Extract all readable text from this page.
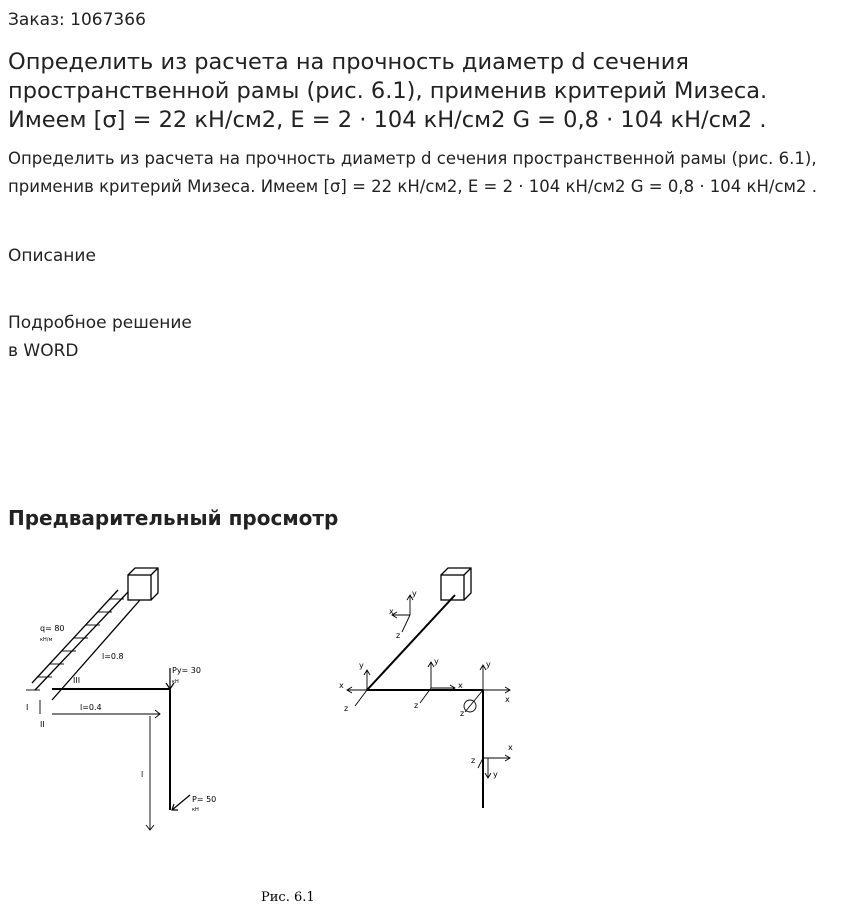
Заказ: 1067366
Определить из расчета на прочность диаметр d сечения пространственной рамы (рис. 6.1), применив критерий Мизеса. Имеем [σ] = 22 кН/см2, E = 2 · 104 кН/см2 G = 0,8 · 104 кН/см2 .
Определить из расчета на прочность диаметр d сечения пространственной рамы (рис. 6.1), применив критерий Мизеса. Имеем [σ] = 22 кН/см2, E = 2 · 104 кН/см2 G = 0,8 · 104 кН/см2 .
Описание
Подробное решение
в WORD
Предварительный просмотр
q= 80
кН/м
l=0.8
Py= 30
кН
l=0.4
l
P= 50
кН
I
II
III
y
x
z
y
x
z
y
x
z
y
x
z
x
y
z
Рис. 6.1
